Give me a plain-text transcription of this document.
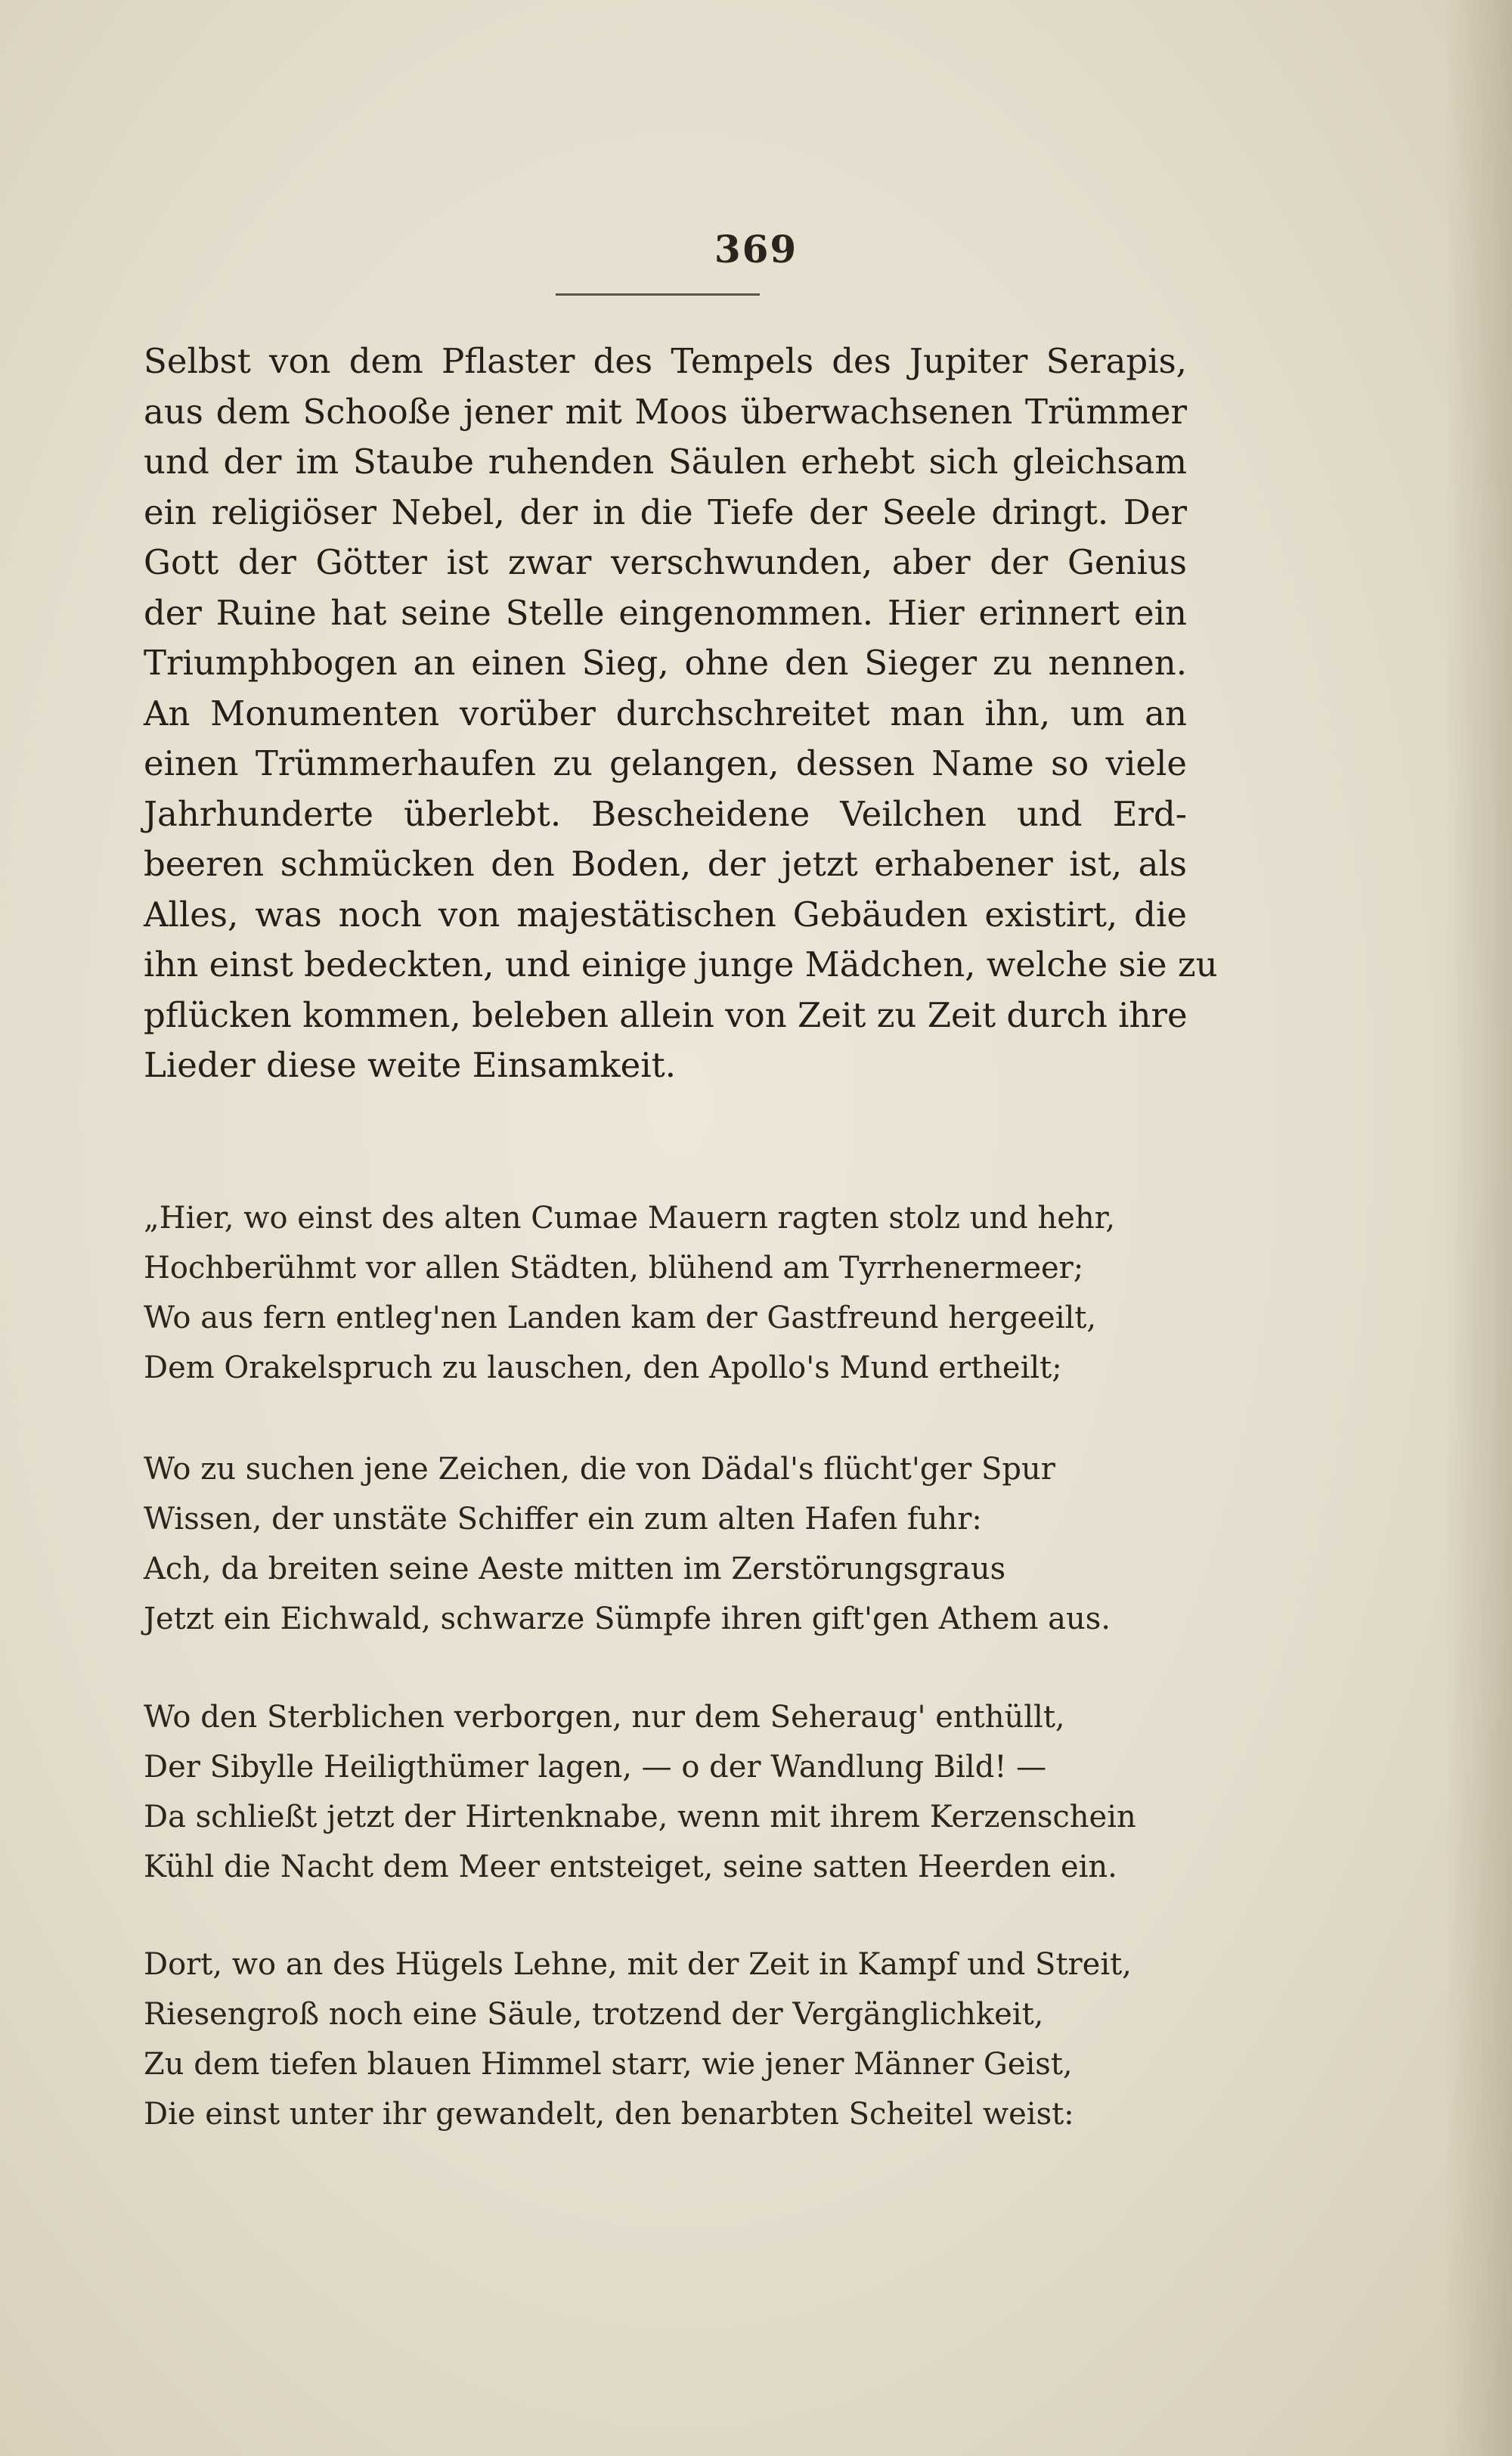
369
Selbst von dem Pflaster des Tempels des Jupiter Serapis,
aus dem Schooße jener mit Moos überwachsenen Trümmer
und der im Staube ruhenden Säulen erhebt sich gleichsam
ein religiöser Nebel, der in die Tiefe der Seele dringt. Der
Gott der Götter ist zwar verschwunden, aber der Genius
der Ruine hat seine Stelle eingenommen. Hier erinnert ein
Triumphbogen an einen Sieg, ohne den Sieger zu nennen.
An Monumenten vorüber durchschreitet man ihn, um an
einen Trümmerhaufen zu gelangen, dessen Name so viele
Jahrhunderte überlebt. Bescheidene Veilchen und Erd-
beeren schmücken den Boden, der jetzt erhabener ist, als
Alles, was noch von majestätischen Gebäuden existirt, die
ihn einst bedeckten, und einige junge Mädchen, welche sie zu
pflücken kommen, beleben allein von Zeit zu Zeit durch ihre
Lieder diese weite Einsamkeit.
„Hier, wo einst des alten Cumae Mauern ragten stolz und hehr,
Hochberühmt vor allen Städten, blühend am Tyrrhenermeer;
Wo aus fern entleg'nen Landen kam der Gastfreund hergeeilt,
Dem Orakelspruch zu lauschen, den Apollo's Mund ertheilt;
Wo zu suchen jene Zeichen, die von Dädal's flücht'ger Spur
Wissen, der unstäte Schiffer ein zum alten Hafen fuhr:
Ach, da breiten seine Aeste mitten im Zerstörungsgraus
Jetzt ein Eichwald, schwarze Sümpfe ihren gift'gen Athem aus.
Wo den Sterblichen verborgen, nur dem Seheraug' enthüllt,
Der Sibylle Heiligthümer lagen, — o der Wandlung Bild! —
Da schließt jetzt der Hirtenknabe, wenn mit ihrem Kerzenschein
Kühl die Nacht dem Meer entsteiget, seine satten Heerden ein.
Dort, wo an des Hügels Lehne, mit der Zeit in Kampf und Streit,
Riesengroß noch eine Säule, trotzend der Vergänglichkeit,
Zu dem tiefen blauen Himmel starr, wie jener Männer Geist,
Die einst unter ihr gewandelt, den benarbten Scheitel weist:
